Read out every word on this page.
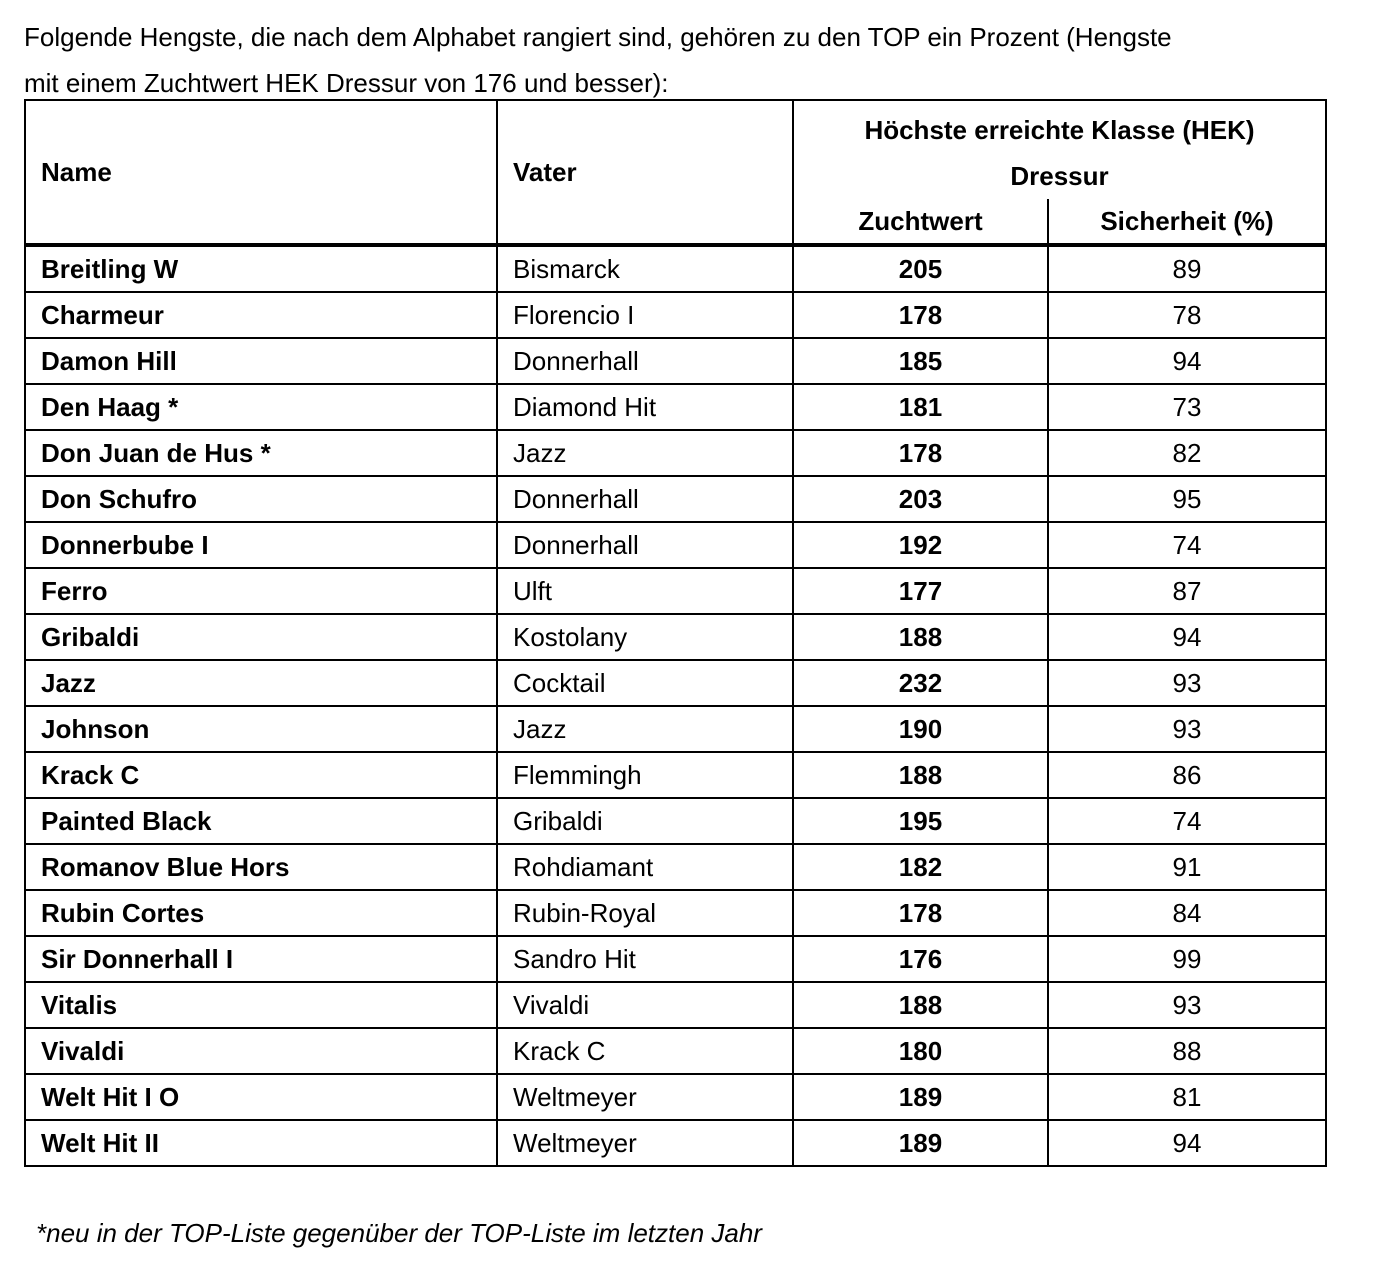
Folgende Hengste, die nach dem Alphabet rangiert sind, gehören zu den TOP ein Prozent (Hengste
mit einem Zuchtwert HEK Dressur von 176 und besser):
Name	Vater	Höchste erreichte Klasse (HEK)
Dressur	

		Zuchtwert	Sicherheit (%)
Breitling W	Bismarck	205	89
Charmeur	Florencio I	178	78
Damon Hill	Donnerhall	185	94
Den Haag *	Diamond Hit	181	73
Don Juan de Hus *	Jazz	178	82
Don Schufro	Donnerhall	203	95
Donnerbube I	Donnerhall	192	74
Ferro	Ulft	177	87
Gribaldi	Kostolany	188	94
Jazz	Cocktail	232	93
Johnson	Jazz	190	93
Krack C	Flemmingh	188	86
Painted Black	Gribaldi	195	74
Romanov Blue Hors	Rohdiamant	182	91
Rubin Cortes	Rubin-Royal	178	84
Sir Donnerhall I	Sandro Hit	176	99
Vitalis	Vivaldi	188	93
Vivaldi	Krack C	180	88
Welt Hit I O	Weltmeyer	189	81
Welt Hit II	Weltmeyer	189	94
*neu in der TOP-Liste gegenüber der TOP-Liste im letzten Jahr
